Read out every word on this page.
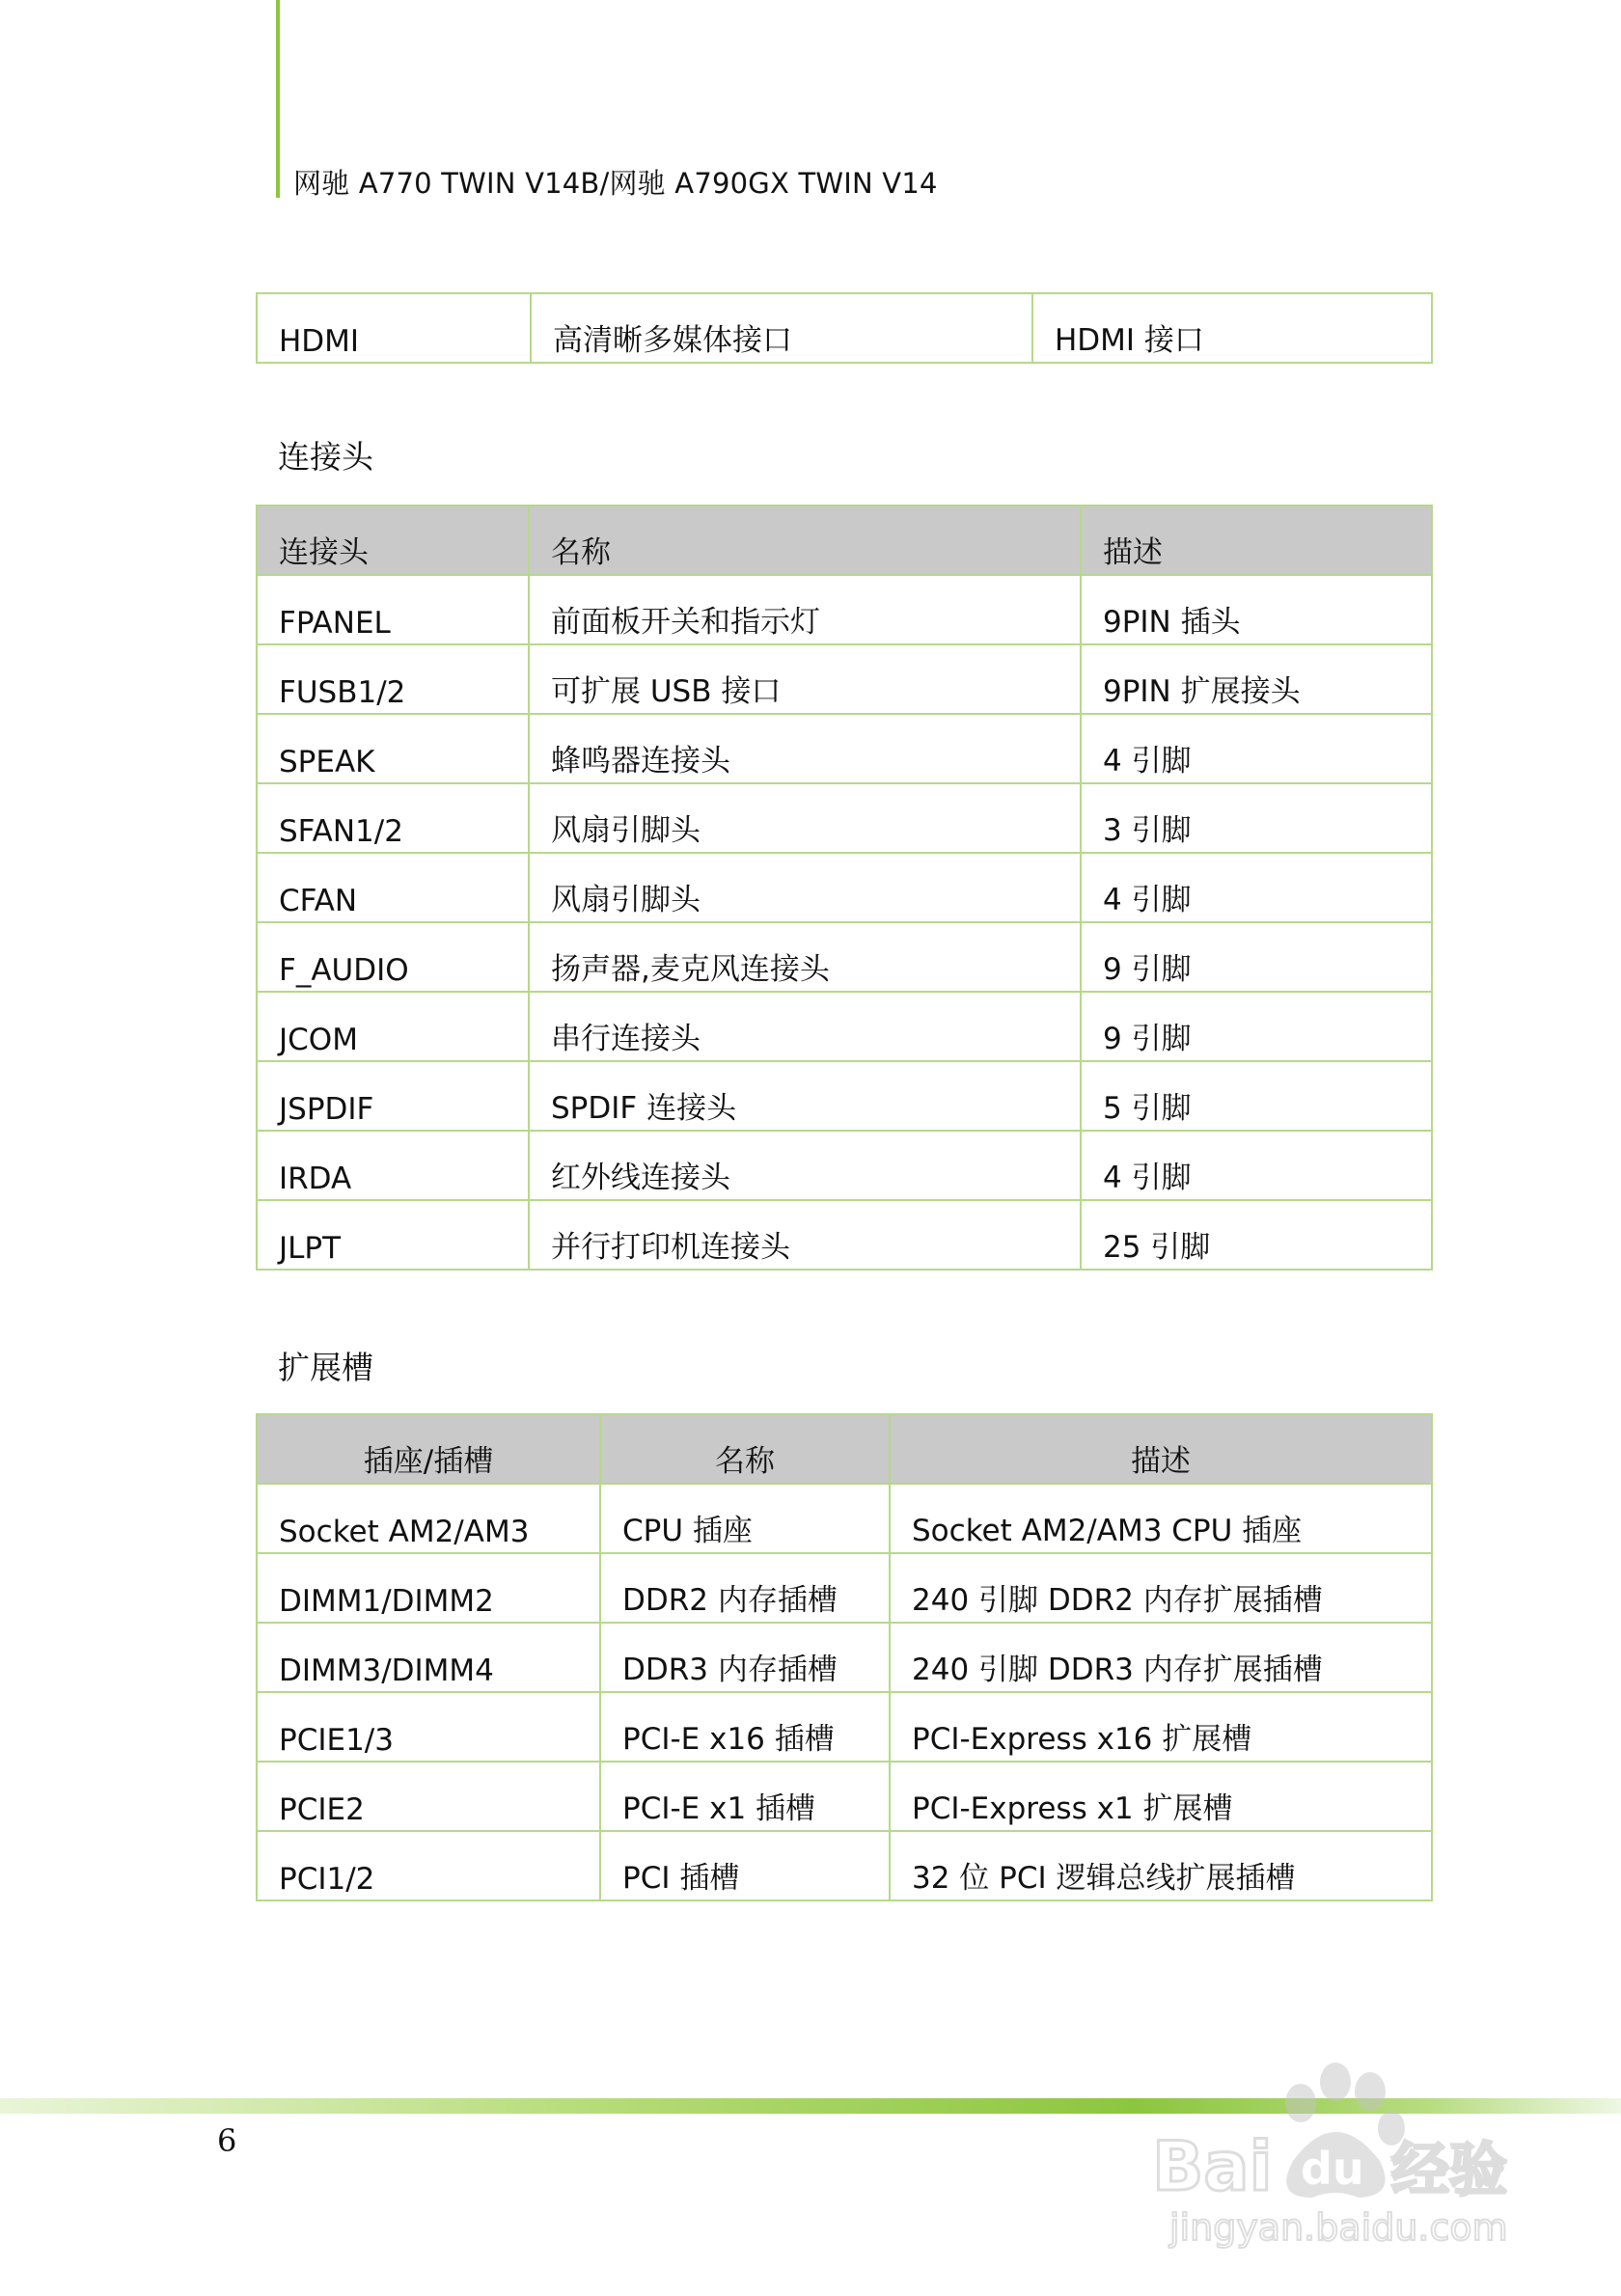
网驰 A770 TWIN V14B/网驰 A790GX TWIN V14
HDMI	高清晰多媒体接口	HDMI 接口
连接头
连接头	名称	描述
FPANEL	前面板开关和指示灯	9PIN 插头
FUSB1/2	可扩展 USB 接口	9PIN 扩展接头
SPEAK	蜂鸣器连接头	4 引脚
SFAN1/2	风扇引脚头	3 引脚
CFAN	风扇引脚头	4 引脚
F_AUDIO	扬声器,麦克风连接头	9 引脚
JCOM	串行连接头	9 引脚
JSPDIF	SPDIF 连接头	5 引脚
IRDA	红外线连接头	4 引脚
JLPT	并行打印机连接头	25 引脚
扩展槽
插座/插槽	名称	描述
Socket AM2/AM3	CPU 插座	Socket AM2/AM3 CPU 插座
DIMM1/DIMM2	DDR2 内存插槽	240 引脚 DDR2 内存扩展插槽
DIMM3/DIMM4	DDR3 内存插槽	240 引脚 DDR3 内存扩展插槽
PCIE1/3	PCI-E x16 插槽	PCI-Express x16 扩展槽
PCIE2	PCI-E x1 插槽	PCI-Express x1 扩展槽
PCI1/2	PCI 插槽	32 位 PCI 逻辑总线扩展插槽
6	Bai du 经验
jingyan.baidu.com
